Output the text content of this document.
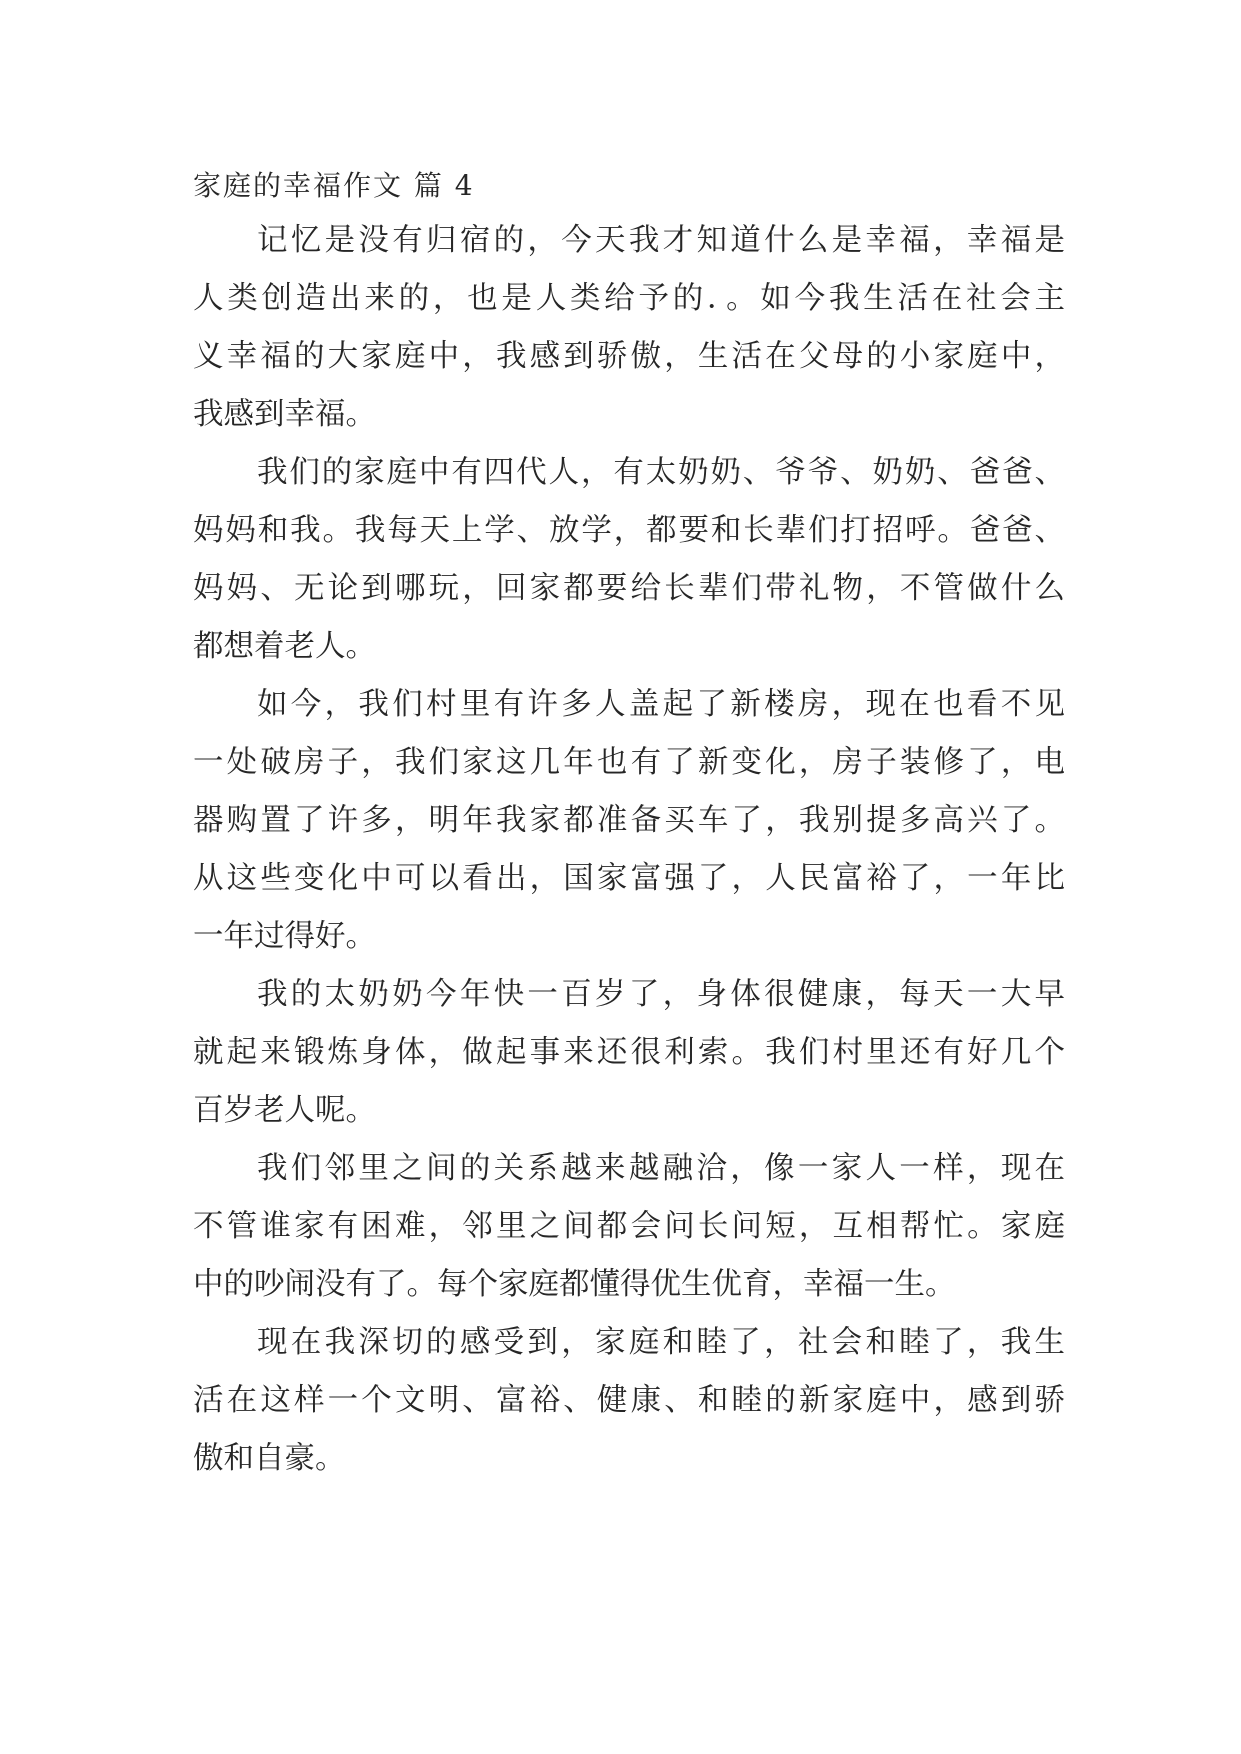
家庭的幸福作文 篇 4
记忆是没有归宿的，今天我才知道什么是幸福，幸福是
人类创造出来的，也是人类给予的．。如今我生活在社会主
义幸福的大家庭中，我感到骄傲，生活在父母的小家庭中，
我感到幸福。
我们的家庭中有四代人，有太奶奶、爷爷、奶奶、爸爸、
妈妈和我。我每天上学、放学，都要和长辈们打招呼。爸爸、
妈妈、无论到哪玩，回家都要给长辈们带礼物，不管做什么
都想着老人。
如今，我们村里有许多人盖起了新楼房，现在也看不见
一处破房子，我们家这几年也有了新变化，房子装修了，电
器购置了许多，明年我家都准备买车了，我别提多高兴了。
从这些变化中可以看出，国家富强了，人民富裕了，一年比
一年过得好。
我的太奶奶今年快一百岁了，身体很健康，每天一大早
就起来锻炼身体，做起事来还很利索。我们村里还有好几个
百岁老人呢。
我们邻里之间的关系越来越融洽，像一家人一样，现在
不管谁家有困难，邻里之间都会问长问短，互相帮忙。家庭
中的吵闹没有了。每个家庭都懂得优生优育，幸福一生。
现在我深切的感受到，家庭和睦了，社会和睦了，我生
活在这样一个文明、富裕、健康、和睦的新家庭中，感到骄
傲和自豪。
